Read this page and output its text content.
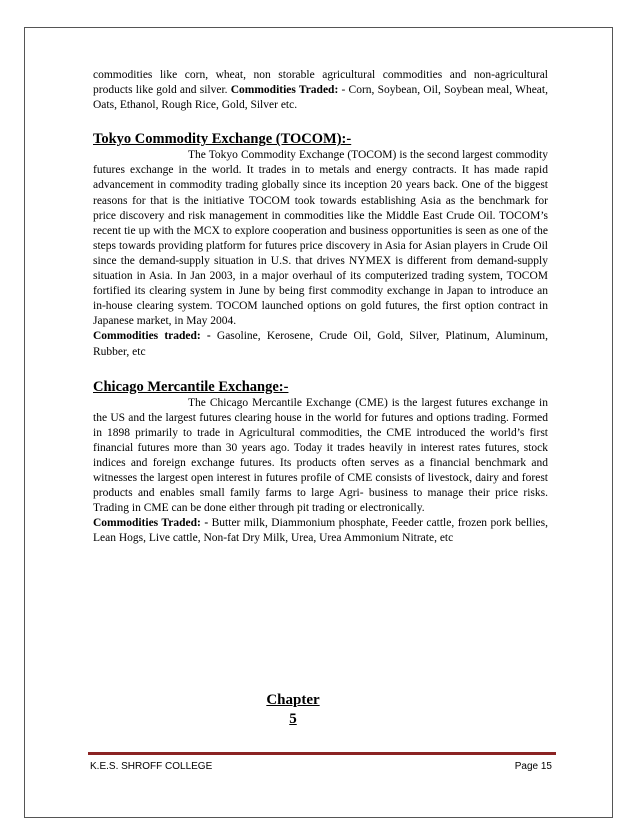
commodities like corn, wheat, non storable agricultural commodities and non-agricultural products like gold and silver. Commodities Traded: - Corn, Soybean, Oil, Soybean meal, Wheat, Oats, Ethanol, Rough Rice, Gold, Silver etc.

Tokyo Commodity Exchange (TOCOM):-

The Tokyo Commodity Exchange (TOCOM) is the second largest commodity futures exchange in the world. It trades in to metals and energy contracts. It has made rapid advancement in commodity trading globally since its inception 20 years back. One of the biggest reasons for that is the initiative TOCOM took towards establishing Asia as the benchmark for price discovery and risk management in commodities like the Middle East Crude Oil. TOCOM’s recent tie up with the MCX to explore cooperation and business opportunities is seen as one of the steps towards providing platform for futures price discovery in Asia for Asian players in Crude Oil since the demand-supply situation in U.S. that drives NYMEX is different from demand-supply situation in Asia. In Jan 2003, in a major overhaul of its computerized trading system, TOCOM fortified its clearing system in June by being first commodity exchange in Japan to introduce an in-house clearing system. TOCOM launched options on gold futures, the first option contract in Japanese market, in May 2004.

Commodities traded: - Gasoline, Kerosene, Crude Oil, Gold, Silver, Platinum, Aluminum, Rubber, etc

Chicago Mercantile Exchange:-

The Chicago Mercantile Exchange (CME) is the largest futures exchange in the US and the largest futures clearing house in the world for futures and options trading. Formed in 1898 primarily to trade in Agricultural commodities, the CME introduced the world’s first financial futures more than 30 years ago. Today it trades heavily in interest rates futures, stock indices and foreign exchange futures. Its products often serves as a financial benchmark and witnesses the largest open interest in futures profile of CME consists of livestock, dairy and forest products and enables small family farms to large Agri- business to manage their price risks. Trading in CME can be done either through pit trading or electronically.

Commodities Traded: - Butter milk, Diammonium phosphate, Feeder cattle, frozen pork bellies, Lean Hogs, Live cattle, Non-fat Dry Milk, Urea, Urea Ammonium Nitrate, etc

Chapter
5
K.E.S. SHROFF COLLEGE	Page 15
